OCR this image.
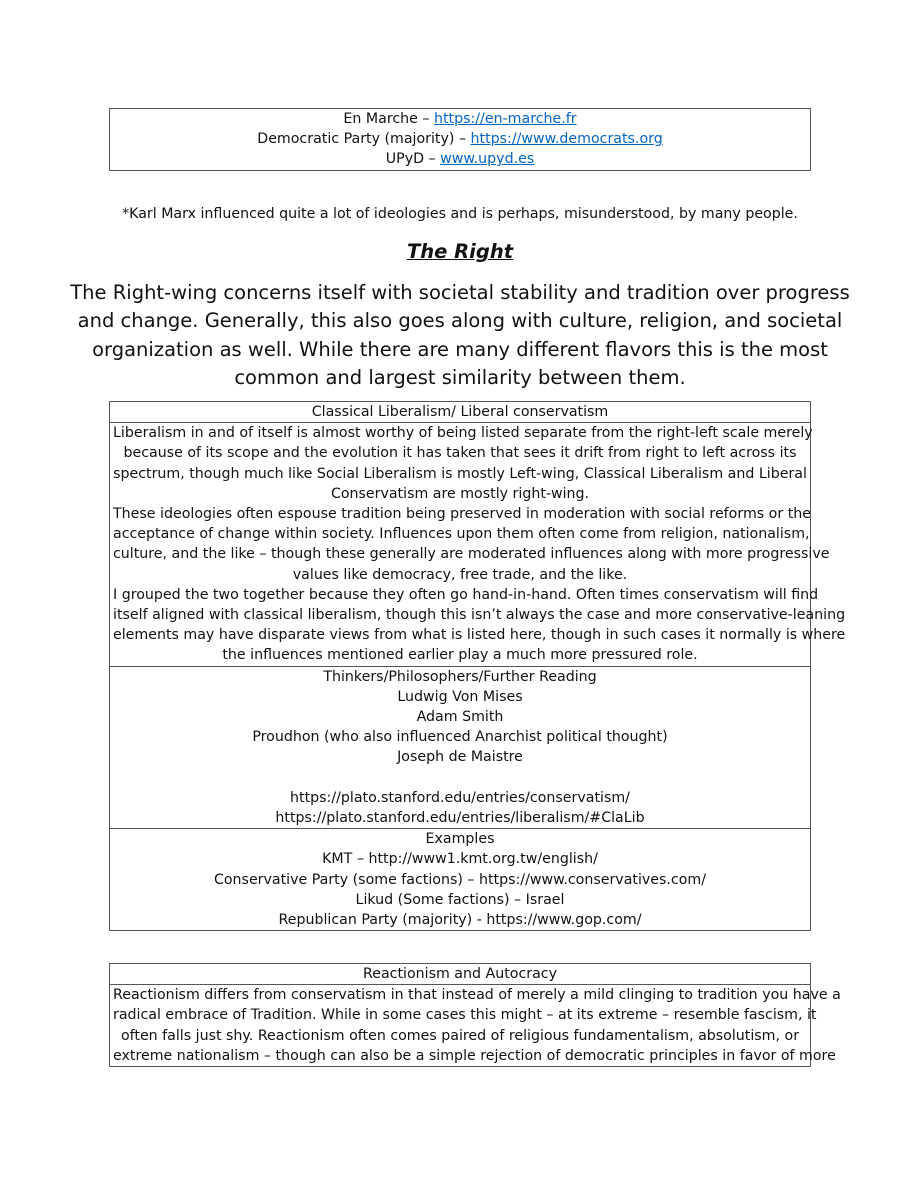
En Marche – https://en-marche.fr
Democratic Party (majority) – https://www.democrats.org
UPyD – www.upyd.es
*Karl Marx influenced quite a lot of ideologies and is perhaps, misunderstood, by many people.
The Right
The Right-wing concerns itself with societal stability and tradition over progress
and change. Generally, this also goes along with culture, religion, and societal
organization as well. While there are many different flavors this is the most
common and largest similarity between them.
Classical Liberalism/ Liberal conservatism
Liberalism in and of itself is almost worthy of being listed separate from the right-left scale merely
because of its scope and the evolution it has taken that sees it drift from right to left across its
spectrum, though much like Social Liberalism is mostly Left-wing, Classical Liberalism and Liberal
Conservatism are mostly right-wing.
These ideologies often espouse tradition being preserved in moderation with social reforms or the
acceptance of change within society. Influences upon them often come from religion, nationalism,
culture, and the like – though these generally are moderated influences along with more progressive
values like democracy, free trade, and the like.
I grouped the two together because they often go hand-in-hand. Often times conservatism will find
itself aligned with classical liberalism, though this isn’t always the case and more conservative-leaning
elements may have disparate views from what is listed here, though in such cases it normally is where
the influences mentioned earlier play a much more pressured role.
Thinkers/Philosophers/Further Reading
Ludwig Von Mises
Adam Smith
Proudhon (who also influenced Anarchist political thought)
Joseph de Maistre
https://plato.stanford.edu/entries/conservatism/
https://plato.stanford.edu/entries/liberalism/#ClaLib
Examples
KMT – http://www1.kmt.org.tw/english/
Conservative Party (some factions) – https://www.conservatives.com/
Likud (Some factions) – Israel
Republican Party (majority) - https://www.gop.com/
Reactionism and Autocracy
Reactionism differs from conservatism in that instead of merely a mild clinging to tradition you have a
radical embrace of Tradition. While in some cases this might – at its extreme – resemble fascism, it
often falls just shy. Reactionism often comes paired of religious fundamentalism, absolutism, or
extreme nationalism – though can also be a simple rejection of democratic principles in favor of more
